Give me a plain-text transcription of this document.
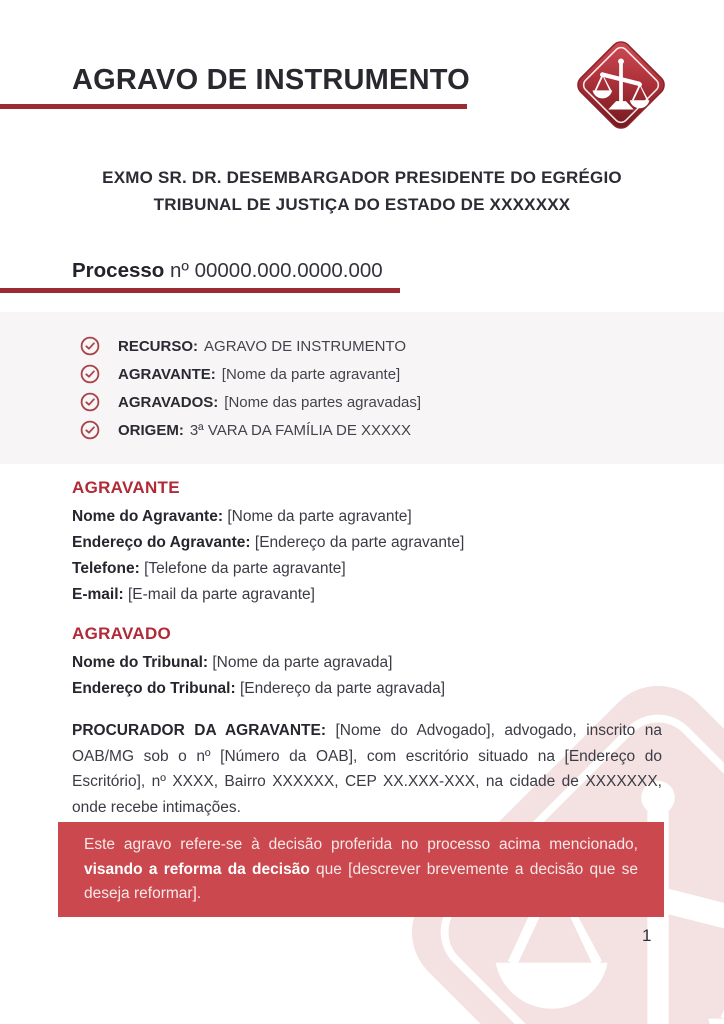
AGRAVO DE INSTRUMENTO
EXMO SR. DR. DESEMBARGADOR PRESIDENTE DO EGRÉGIO
TRIBUNAL DE JUSTIÇA DO ESTADO DE XXXXXXX
Processo nº 00000.000.0000.000
RECURSO: AGRAVO DE INSTRUMENTO
AGRAVANTE: [Nome da parte agravante]
AGRAVADOS: [Nome das partes agravadas]
ORIGEM: 3ª VARA DA FAMÍLIA DE XXXXX
AGRAVANTE
Nome do Agravante: [Nome da parte agravante]
Endereço do Agravante: [Endereço da parte agravante]
Telefone: [Telefone da parte agravante]
E-mail: [E-mail da parte agravante]
AGRAVADO
Nome do Tribunal: [Nome da parte agravada]
Endereço do Tribunal: [Endereço da parte agravada]

PROCURADOR DA AGRAVANTE: [Nome do Advogado], advogado, inscrito na OAB/MG sob o nº [Número da OAB], com escritório situado na [Endereço do Escritório], nº XXXX, Bairro XXXXXX, CEP XX.XXX-XXX, na cidade de XXXXXXX, onde recebe intimações.

Este agravo refere-se à decisão proferida no processo acima mencionado, visando a reforma da decisão que [descrever brevemente a decisão que se deseja reformar].
1
